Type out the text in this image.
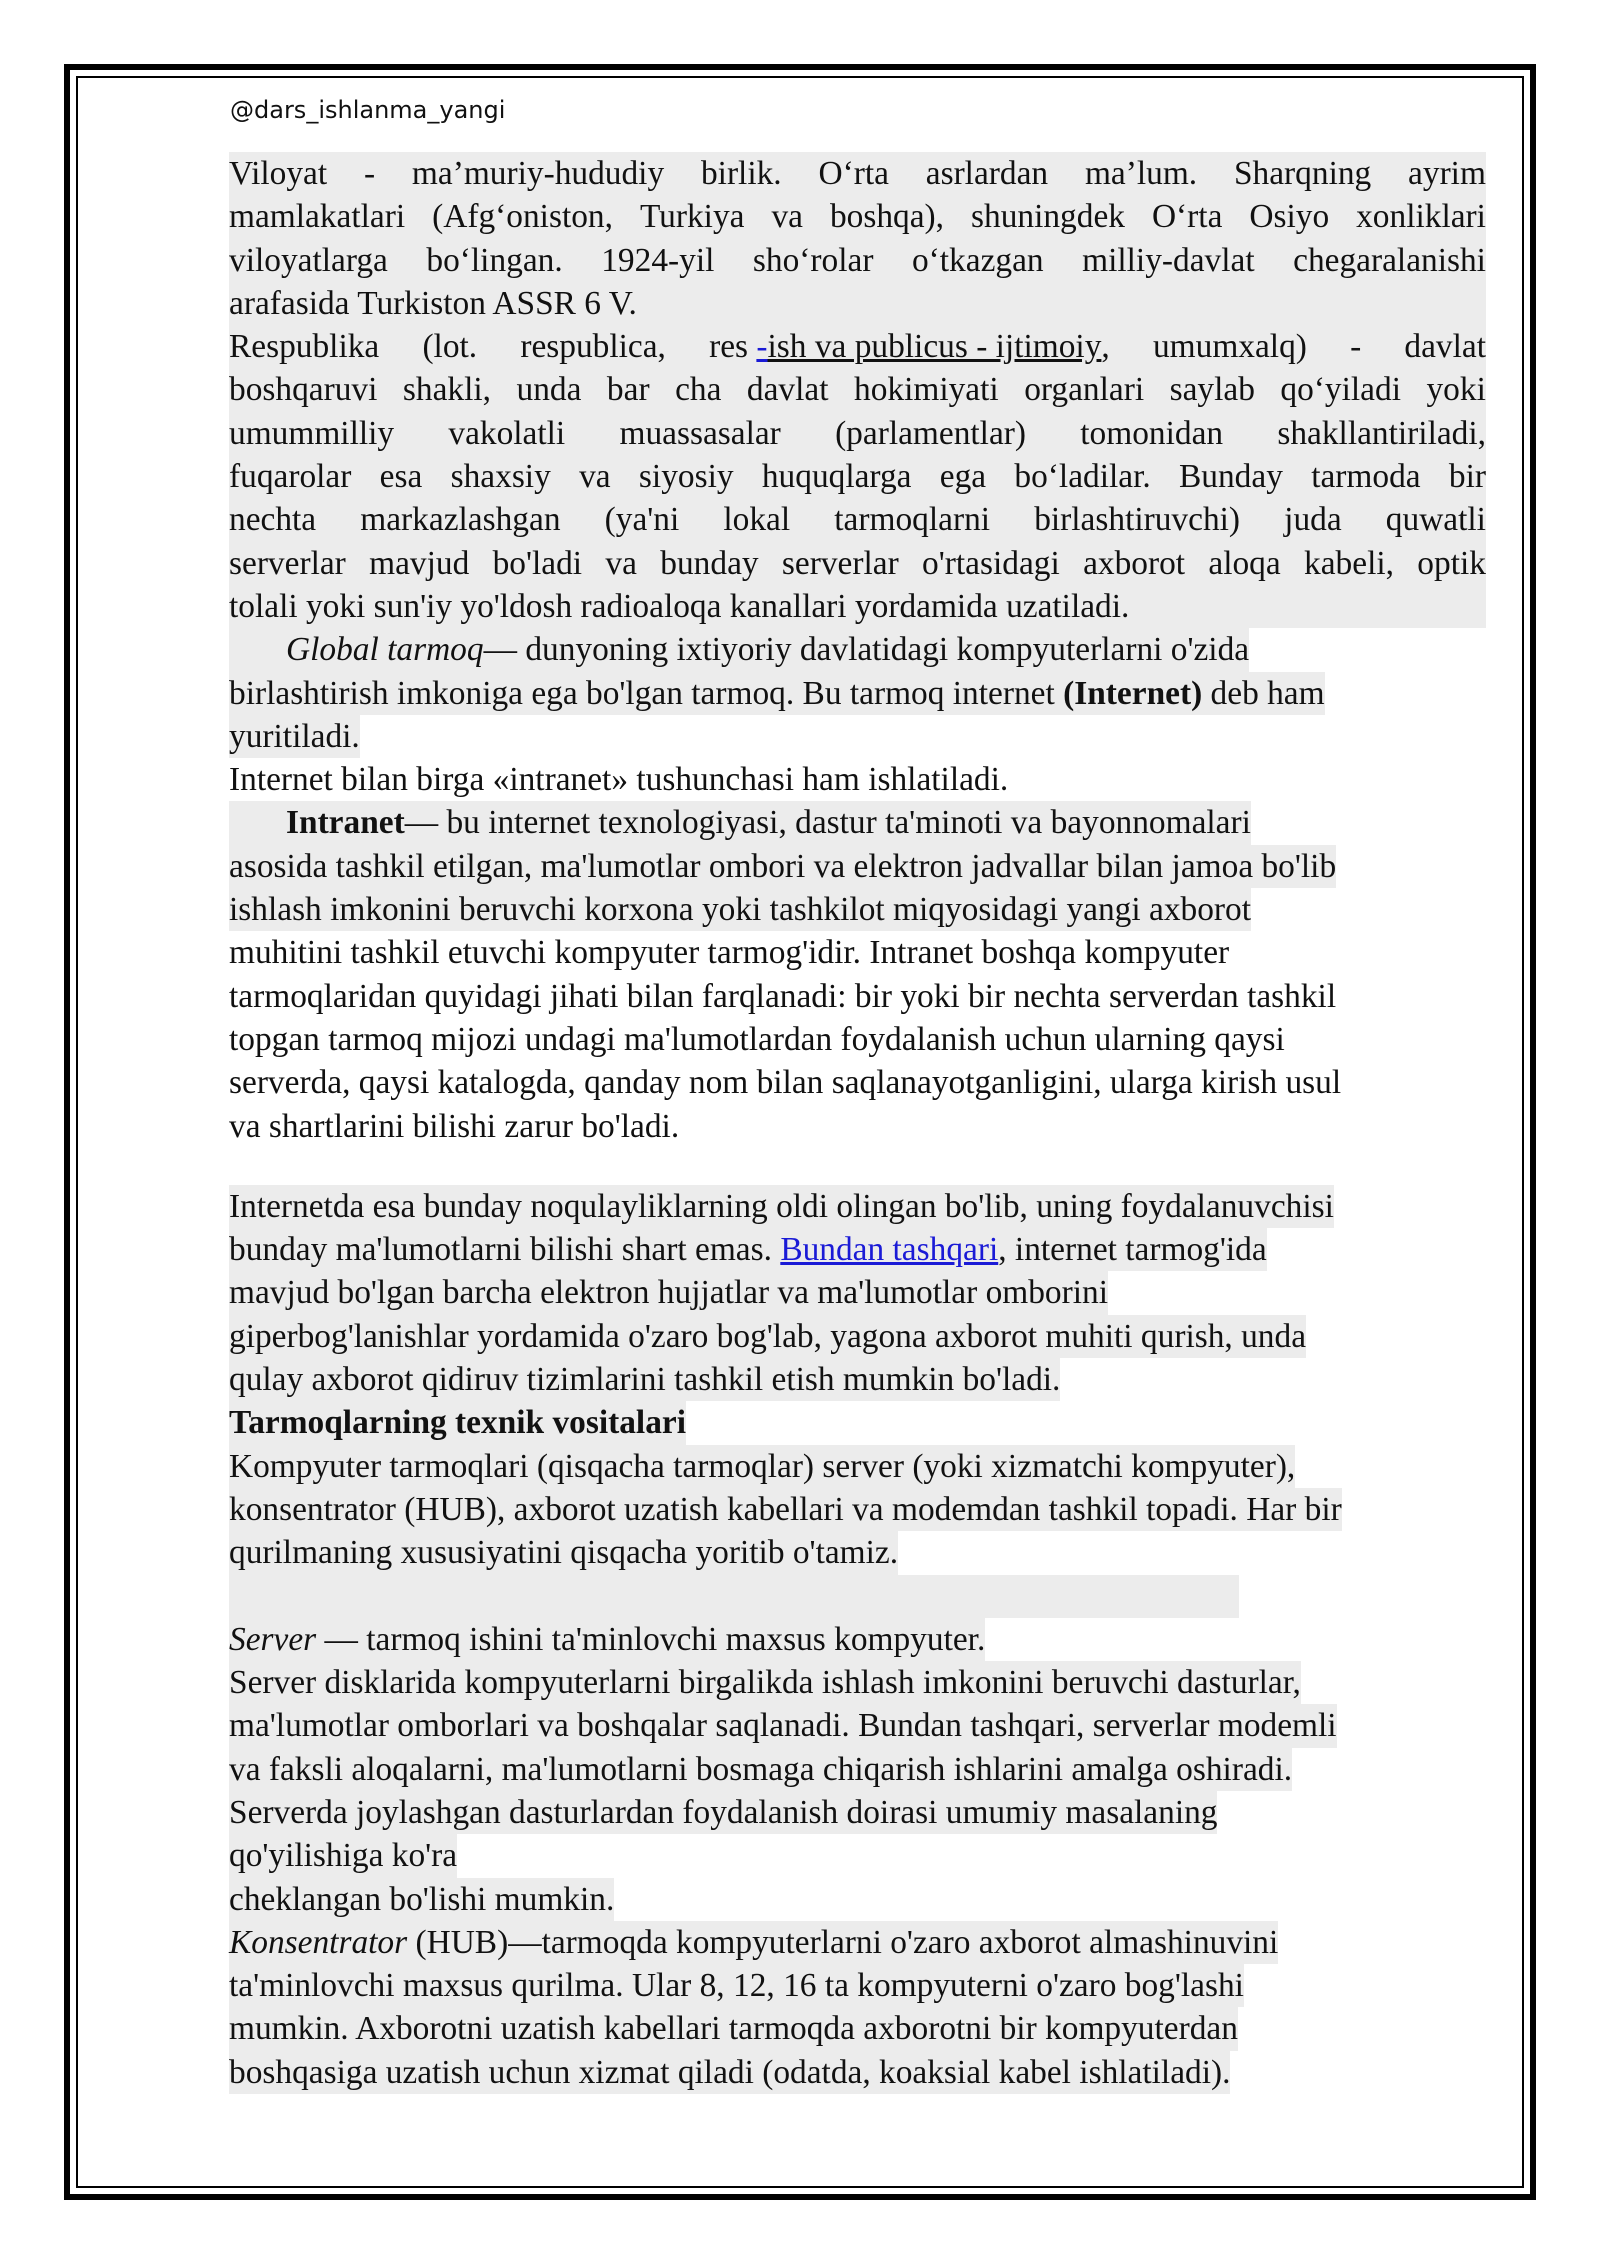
@dars_ishlanma_yangi
Viloyat - ma’muriy-hududiy birlik. O‘rta asrlardan ma’lum. Sharqning ayrim
mamlakatlari (Afg‘oniston, Turkiya va boshqa), shuningdek O‘rta Osiyo xonliklari
viloyatlarga bo‘lingan. 1924-yil sho‘rolar o‘tkazgan milliy-davlat chegaralanishi
arafasida Turkiston ASSR 6 V.
Respublika (lot. respublica, res -ish va publicus - ijtimoiy, umumxalq) - davlat
boshqaruvi shakli, unda bar cha davlat hokimiyati organlari saylab qo‘yiladi yoki
umummilliy vakolatli muassasalar (parlamentlar) tomonidan shakllantiriladi,
fuqarolar esa shaxsiy va siyosiy huquqlarga ega bo‘ladilar. Bunday tarmoda bir
nechta markazlashgan (ya'ni lokal tarmoqlarni birlashtiruvchi) juda quwatli
serverlar mavjud bo'ladi va bunday serverlar o'rtasidagi axborot aloqa kabeli, optik
tolali yoki sun'iy yo'ldosh radioaloqa kanallari yordamida uzatiladi.
Global tarmoq— dunyoning ixtiyoriy davlatidagi kompyuterlarni o'zida
birlashtirish imkoniga ega bo'lgan tarmoq. Bu tarmoq internet (Internet) deb ham
yuritiladi.
Internet bilan birga «intranet» tushunchasi ham ishlatiladi.
Intranet— bu internet texnologiyasi, dastur ta'minoti va bayonnomalari
asosida tashkil etilgan, ma'lumotlar ombori va elektron jadvallar bilan jamoa bo'lib
ishlash imkonini beruvchi korxona yoki tashkilot miqyosidagi yangi axborot
muhitini tashkil etuvchi kompyuter tarmog'idir. Intranet boshqa kompyuter
tarmoqlaridan quyidagi jihati bilan farqlanadi: bir yoki bir nechta serverdan tashkil
topgan tarmoq mijozi undagi ma'lumotlardan foydalanish uchun ularning qaysi
serverda, qaysi katalogda, qanday nom bilan saqlanayotganligini, ularga kirish usul
va shartlarini bilishi zarur bo'ladi.
Internetda esa bunday noqulayliklarning oldi olingan bo'lib, uning foydalanuvchisi
bunday ma'lumotlarni bilishi shart emas. Bundan tashqari, internet tarmog'ida
mavjud bo'lgan barcha elektron hujjatlar va ma'lumotlar omborini
giperbog'lanishlar yordamida o'zaro bog'lab, yagona axborot muhiti qurish, unda
qulay axborot qidiruv tizimlarini tashkil etish mumkin bo'ladi.
Tarmoqlarning texnik vositalari
Kompyuter tarmoqlari (qisqacha tarmoqlar) server (yoki xizmatchi kompyuter),
konsentrator (HUB), axborot uzatish kabellari va modemdan tashkil topadi. Har bir
qurilmaning xususiyatini qisqacha yoritib o'tamiz.
Server — tarmoq ishini ta'minlovchi maxsus kompyuter.
Server disklarida kompyuterlarni birgalikda ishlash imkonini beruvchi dasturlar,
ma'lumotlar omborlari va boshqalar saqlanadi. Bundan tashqari, serverlar modemli
va faksli aloqalarni, ma'lumotlarni bosmaga chiqarish ishlarini amalga oshiradi.
Serverda joylashgan dasturlardan foydalanish doirasi umumiy masalaning
qo'yilishiga ko'ra
cheklangan bo'lishi mumkin.
Konsentrator (HUB)—tarmoqda kompyuterlarni o'zaro axborot almashinuvini
ta'minlovchi maxsus qurilma. Ular 8, 12, 16 ta kompyuterni o'zaro bog'lashi
mumkin. Axborotni uzatish kabellari tarmoqda axborotni bir kompyuterdan
boshqasiga uzatish uchun xizmat qiladi (odatda, koaksial kabel ishlatiladi).
